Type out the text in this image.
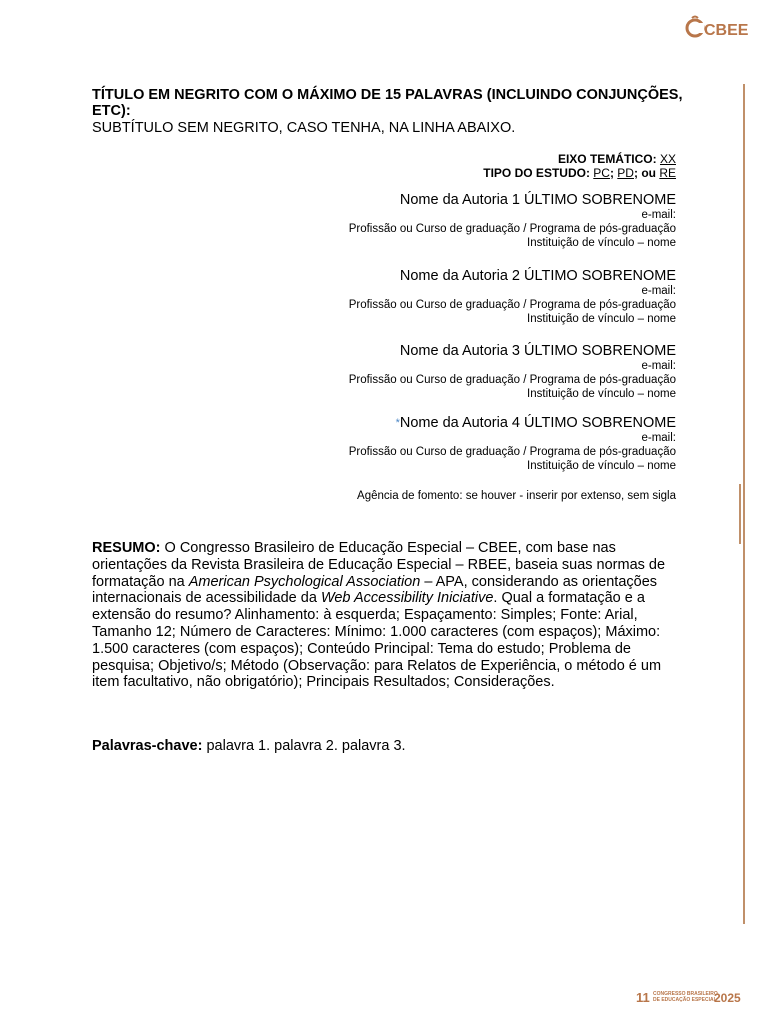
CBEE
TÍTULO EM NEGRITO COM O MÁXIMO DE 15 PALAVRAS (INCLUINDO CONJUNÇÕES, ETC):
SUBTÍTULO SEM NEGRITO, CASO TENHA, NA LINHA ABAIXO.
EIXO TEMÁTICO: XX
TIPO DO ESTUDO: PC; PD; ou RE
Nome da Autoria 1 ÚLTIMO SOBRENOME
e-mail:
Profissão ou Curso de graduação / Programa de pós-graduação
Instituição de vínculo – nome
Nome da Autoria 2 ÚLTIMO SOBRENOME
e-mail:
Profissão ou Curso de graduação / Programa de pós-graduação
Instituição de vínculo – nome
Nome da Autoria 3 ÚLTIMO SOBRENOME
e-mail:
Profissão ou Curso de graduação / Programa de pós-graduação
Instituição de vínculo – nome
*Nome da Autoria 4 ÚLTIMO SOBRENOME
e-mail:
Profissão ou Curso de graduação / Programa de pós-graduação
Instituição de vínculo – nome
Agência de fomento: se houver - inserir por extenso, sem sigla
RESUMO: O Congresso Brasileiro de Educação Especial – CBEE, com base nas orientações da Revista Brasileira de Educação Especial – RBEE, baseia suas normas de formatação na American Psychological Association – APA, considerando as orientações internacionais de acessibilidade da Web Accessibility Iniciative. Qual a formatação e a extensão do resumo? Alinhamento: à esquerda; Espaçamento: Simples; Fonte: Arial, Tamanho 12; Número de Caracteres: Mínimo: 1.000 caracteres (com espaços); Máximo: 1.500 caracteres (com espaços); Conteúdo Principal: Tema do estudo; Problema de pesquisa; Objetivo/s; Método (Observação: para Relatos de Experiência, o método é um item facultativo, não obrigatório); Principais Resultados; Considerações.
Palavras-chave: palavra 1. palavra 2. palavra 3.
11 CONGRESSO BRASILEIRO
DE EDUCAÇÃO ESPECIAL
2025
